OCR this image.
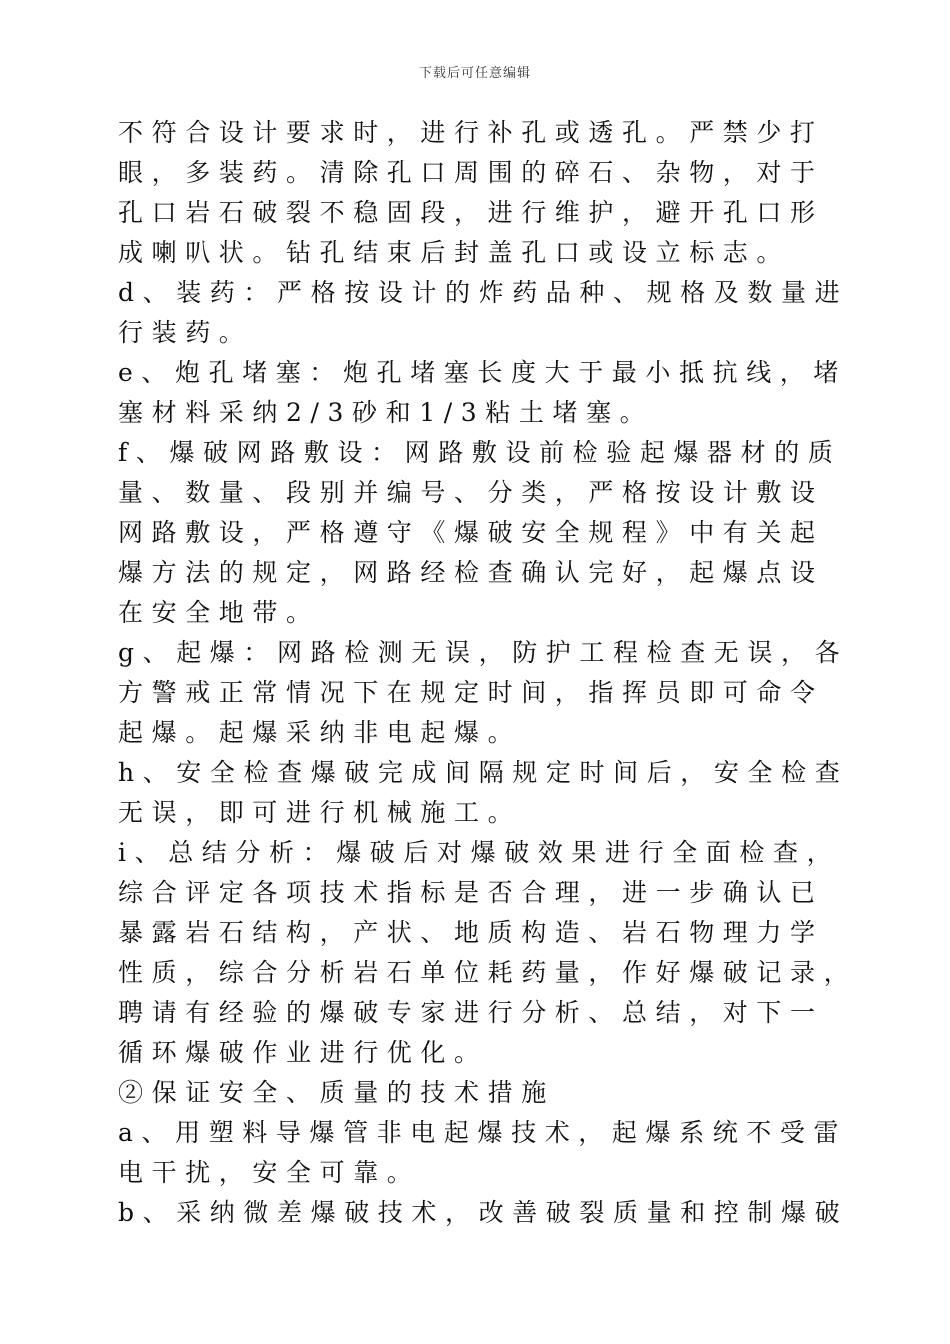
下载后可任意编辑
不符合设计要求时，进行补孔或透孔。严禁少打
眼，多装药。清除孔口周围的碎石、杂物，对于
孔口岩石破裂不稳固段，进行维护，避开孔口形
成喇叭状。钻孔结束后封盖孔口或设立标志。
d、装药：严格按设计的炸药品种、规格及数量进
行装药。
e、炮孔堵塞：炮孔堵塞长度大于最小抵抗线，堵
塞材料采纳2/3砂和1/3粘土堵塞。
f、爆破网路敷设：网路敷设前检验起爆器材的质
量、数量、段别并编号、分类，严格按设计敷设
网路敷设，严格遵守《爆破安全规程》中有关起
爆方法的规定，网路经检查确认完好，起爆点设
在安全地带。
g、起爆：网路检测无误，防护工程检查无误，各
方警戒正常情况下在规定时间，指挥员即可命令
起爆。起爆采纳非电起爆。
h、安全检查爆破完成间隔规定时间后，安全检查
无误，即可进行机械施工。
i、总结分析：爆破后对爆破效果进行全面检查，
综合评定各项技术指标是否合理，进一步确认已
暴露岩石结构，产状、地质构造、岩石物理力学
性质，综合分析岩石单位耗药量，作好爆破记录，
聘请有经验的爆破专家进行分析、总结，对下一
循环爆破作业进行优化。
②保证安全、质量的技术措施
a、用塑料导爆管非电起爆技术，起爆系统不受雷
电干扰，安全可靠。
b、采纳微差爆破技术，改善破裂质量和控制爆破
